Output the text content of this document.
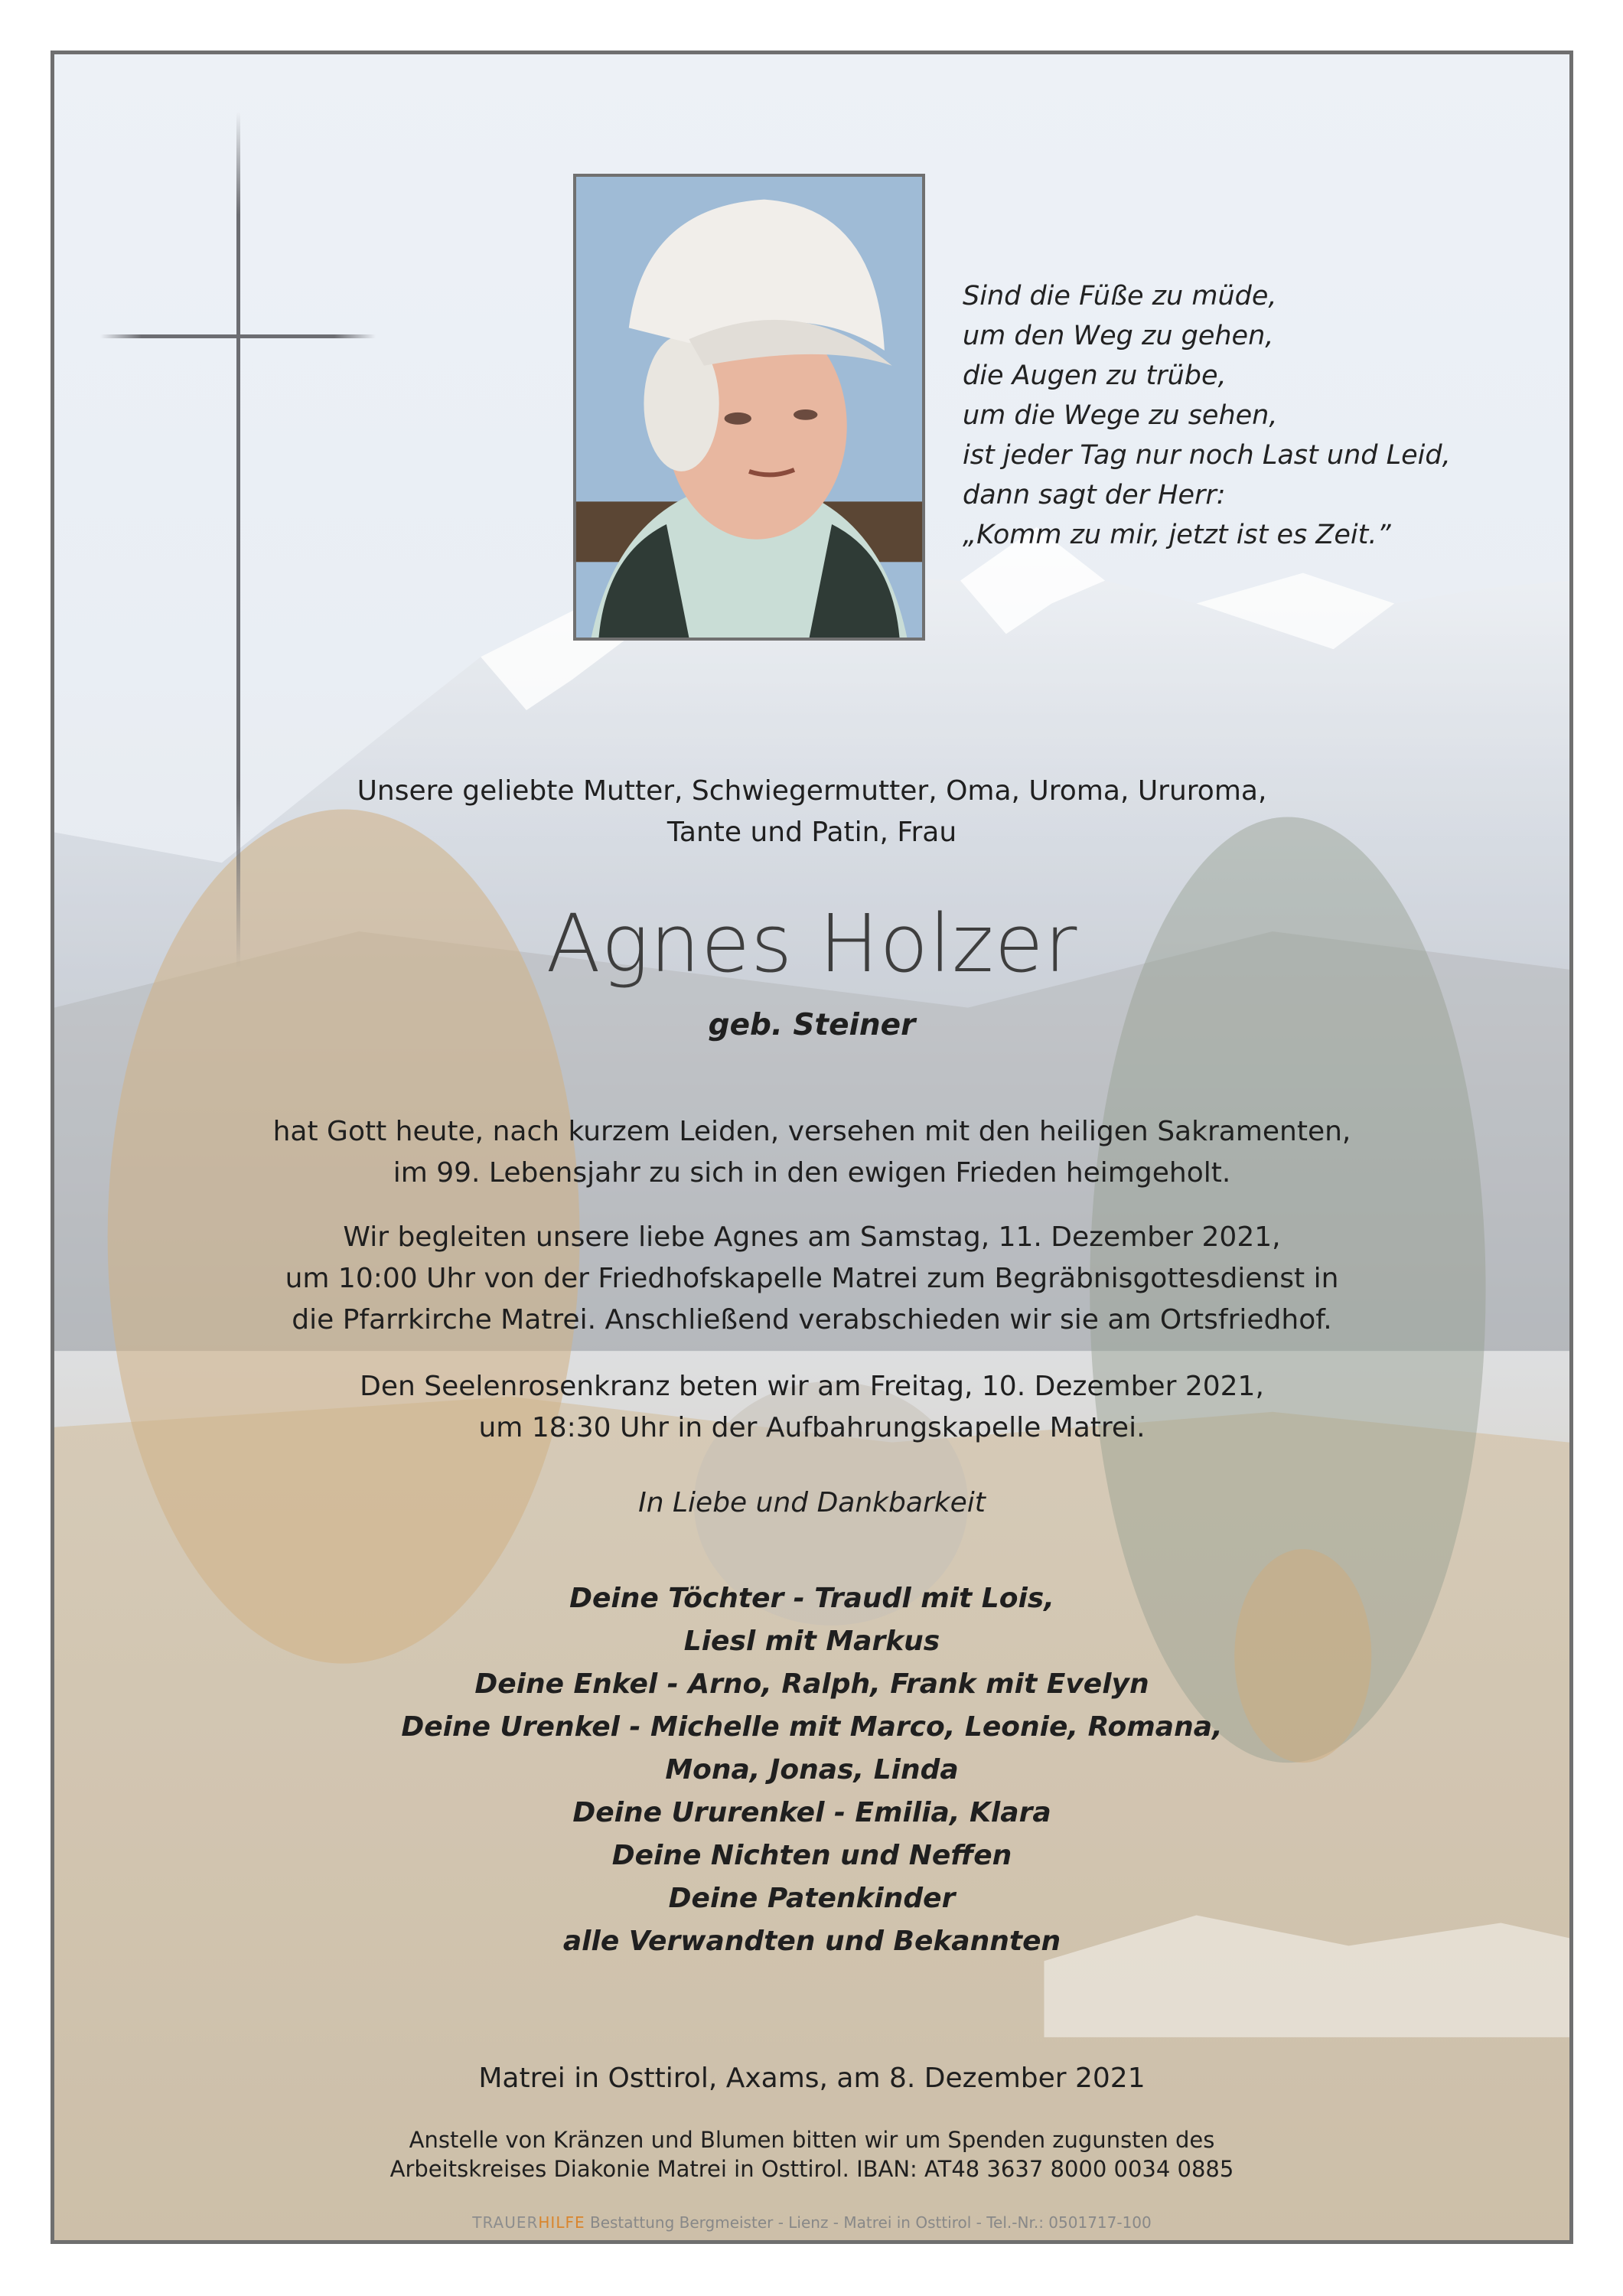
Sind die Füße zu müde,
um den Weg zu gehen,
die Augen zu trübe,
um die Wege zu sehen,
ist jeder Tag nur noch Last und Leid,
dann sagt der Herr:
„Komm zu mir, jetzt ist es Zeit.”
Unsere geliebte Mutter, Schwiegermutter, Oma, Uroma, Ururoma,
Tante und Patin, Frau
Agnes Holzer
geb. Steiner
hat Gott heute, nach kurzem Leiden, versehen mit den heiligen Sakramenten,
im 99. Lebensjahr zu sich in den ewigen Frieden heimgeholt.
Wir begleiten unsere liebe Agnes am Samstag, 11. Dezember 2021,
um 10:00 Uhr von der Friedhofskapelle Matrei zum Begräbnisgottesdienst in
die Pfarrkirche Matrei. Anschließend verabschieden wir sie am Ortsfriedhof.
Den Seelenrosenkranz beten wir am Freitag, 10. Dezember 2021,
um 18:30 Uhr in der Aufbahrungskapelle Matrei.
In Liebe und Dankbarkeit
Deine Töchter - Traudl mit Lois,
Liesl mit Markus
Deine Enkel - Arno, Ralph, Frank mit Evelyn
Deine Urenkel - Michelle mit Marco, Leonie, Romana,
Mona, Jonas, Linda
Deine Ururenkel - Emilia, Klara
Deine Nichten und Neffen
Deine Patenkinder
alle Verwandten und Bekannten
Matrei in Osttirol, Axams, am 8. Dezember 2021
Anstelle von Kränzen und Blumen bitten wir um Spenden zugunsten des
Arbeitskreises Diakonie Matrei in Osttirol. IBAN: AT48 3637 8000 0034 0885
TRAUERHILFE Bestattung Bergmeister - Lienz - Matrei in Osttirol - Tel.-Nr.: 0501717-100
